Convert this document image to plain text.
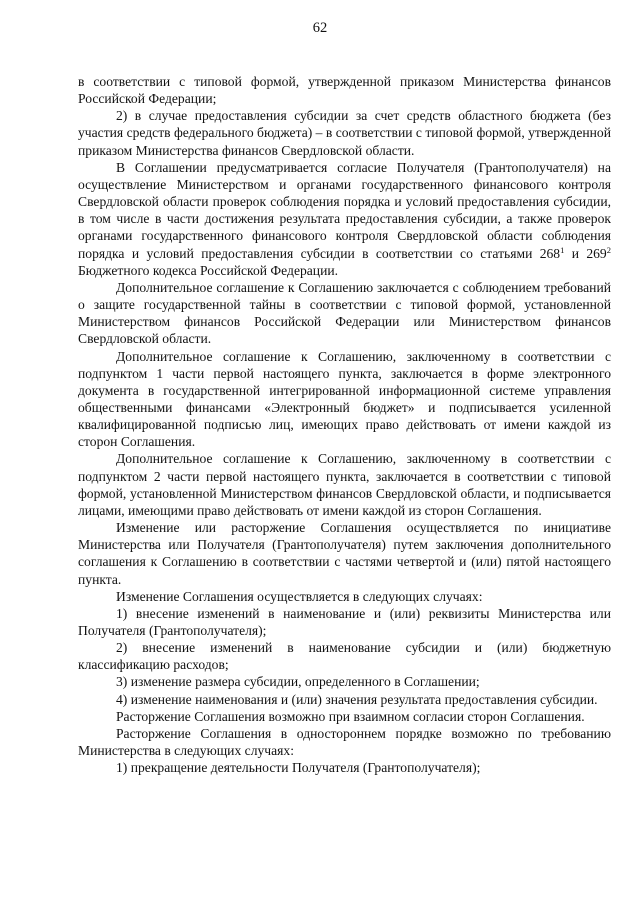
62

в соответствии с типовой формой, утвержденной приказом Министерства финансов Российской Федерации;

2) в случае предоставления субсидии за счет средств областного бюджета (без участия средств федерального бюджета) – в соответствии с типовой формой, утвержденной приказом Министерства финансов Свердловской области.

В Соглашении предусматривается согласие Получателя (Грантополучателя) на осуществление Министерством и органами государственного финансового контроля Свердловской области проверок соблюдения порядка и условий предоставления субсидии, в том числе в части достижения результата предоставления субсидии, а также проверок органами государственного финансового контроля Свердловской области соблюдения порядка и условий предоставления субсидии в соответствии со статьями $268^1$ и $269^2$ Бюджетного кодекса Российской Федерации.

Дополнительное соглашение к Соглашению заключается с соблюдением требований о защите государственной тайны в соответствии с типовой формой, установленной Министерством финансов Российской Федерации или Министерством финансов Свердловской области.

Дополнительное соглашение к Соглашению, заключенному в соответствии с подпунктом 1 части первой настоящего пункта, заключается в форме электронного документа в государственной интегрированной информационной системе управления общественными финансами «Электронный бюджет» и подписывается усиленной квалифицированной подписью лиц, имеющих право действовать от имени каждой из сторон Соглашения.

Дополнительное соглашение к Соглашению, заключенному в соответствии с подпунктом 2 части первой настоящего пункта, заключается в соответствии с типовой формой, установленной Министерством финансов Свердловской области, и подписывается лицами, имеющими право действовать от имени каждой из сторон Соглашения.

Изменение или расторжение Соглашения осуществляется по инициативе Министерства или Получателя (Грантополучателя) путем заключения дополнительного соглашения к Соглашению в соответствии с частями четвертой и (или) пятой настоящего пункта.

Изменение Соглашения осуществляется в следующих случаях:

1) внесение изменений в наименование и (или) реквизиты Министерства или Получателя (Грантополучателя);

2) внесение изменений в наименование субсидии и (или) бюджетную классификацию расходов;

3) изменение размера субсидии, определенного в Соглашении;

4) изменение наименования и (или) значения результата предоставления субсидии.

Расторжение Соглашения возможно при взаимном согласии сторон Соглашения.

Расторжение Соглашения в одностороннем порядке возможно по требованию Министерства в следующих случаях:

1) прекращение деятельности Получателя (Грантополучателя);
